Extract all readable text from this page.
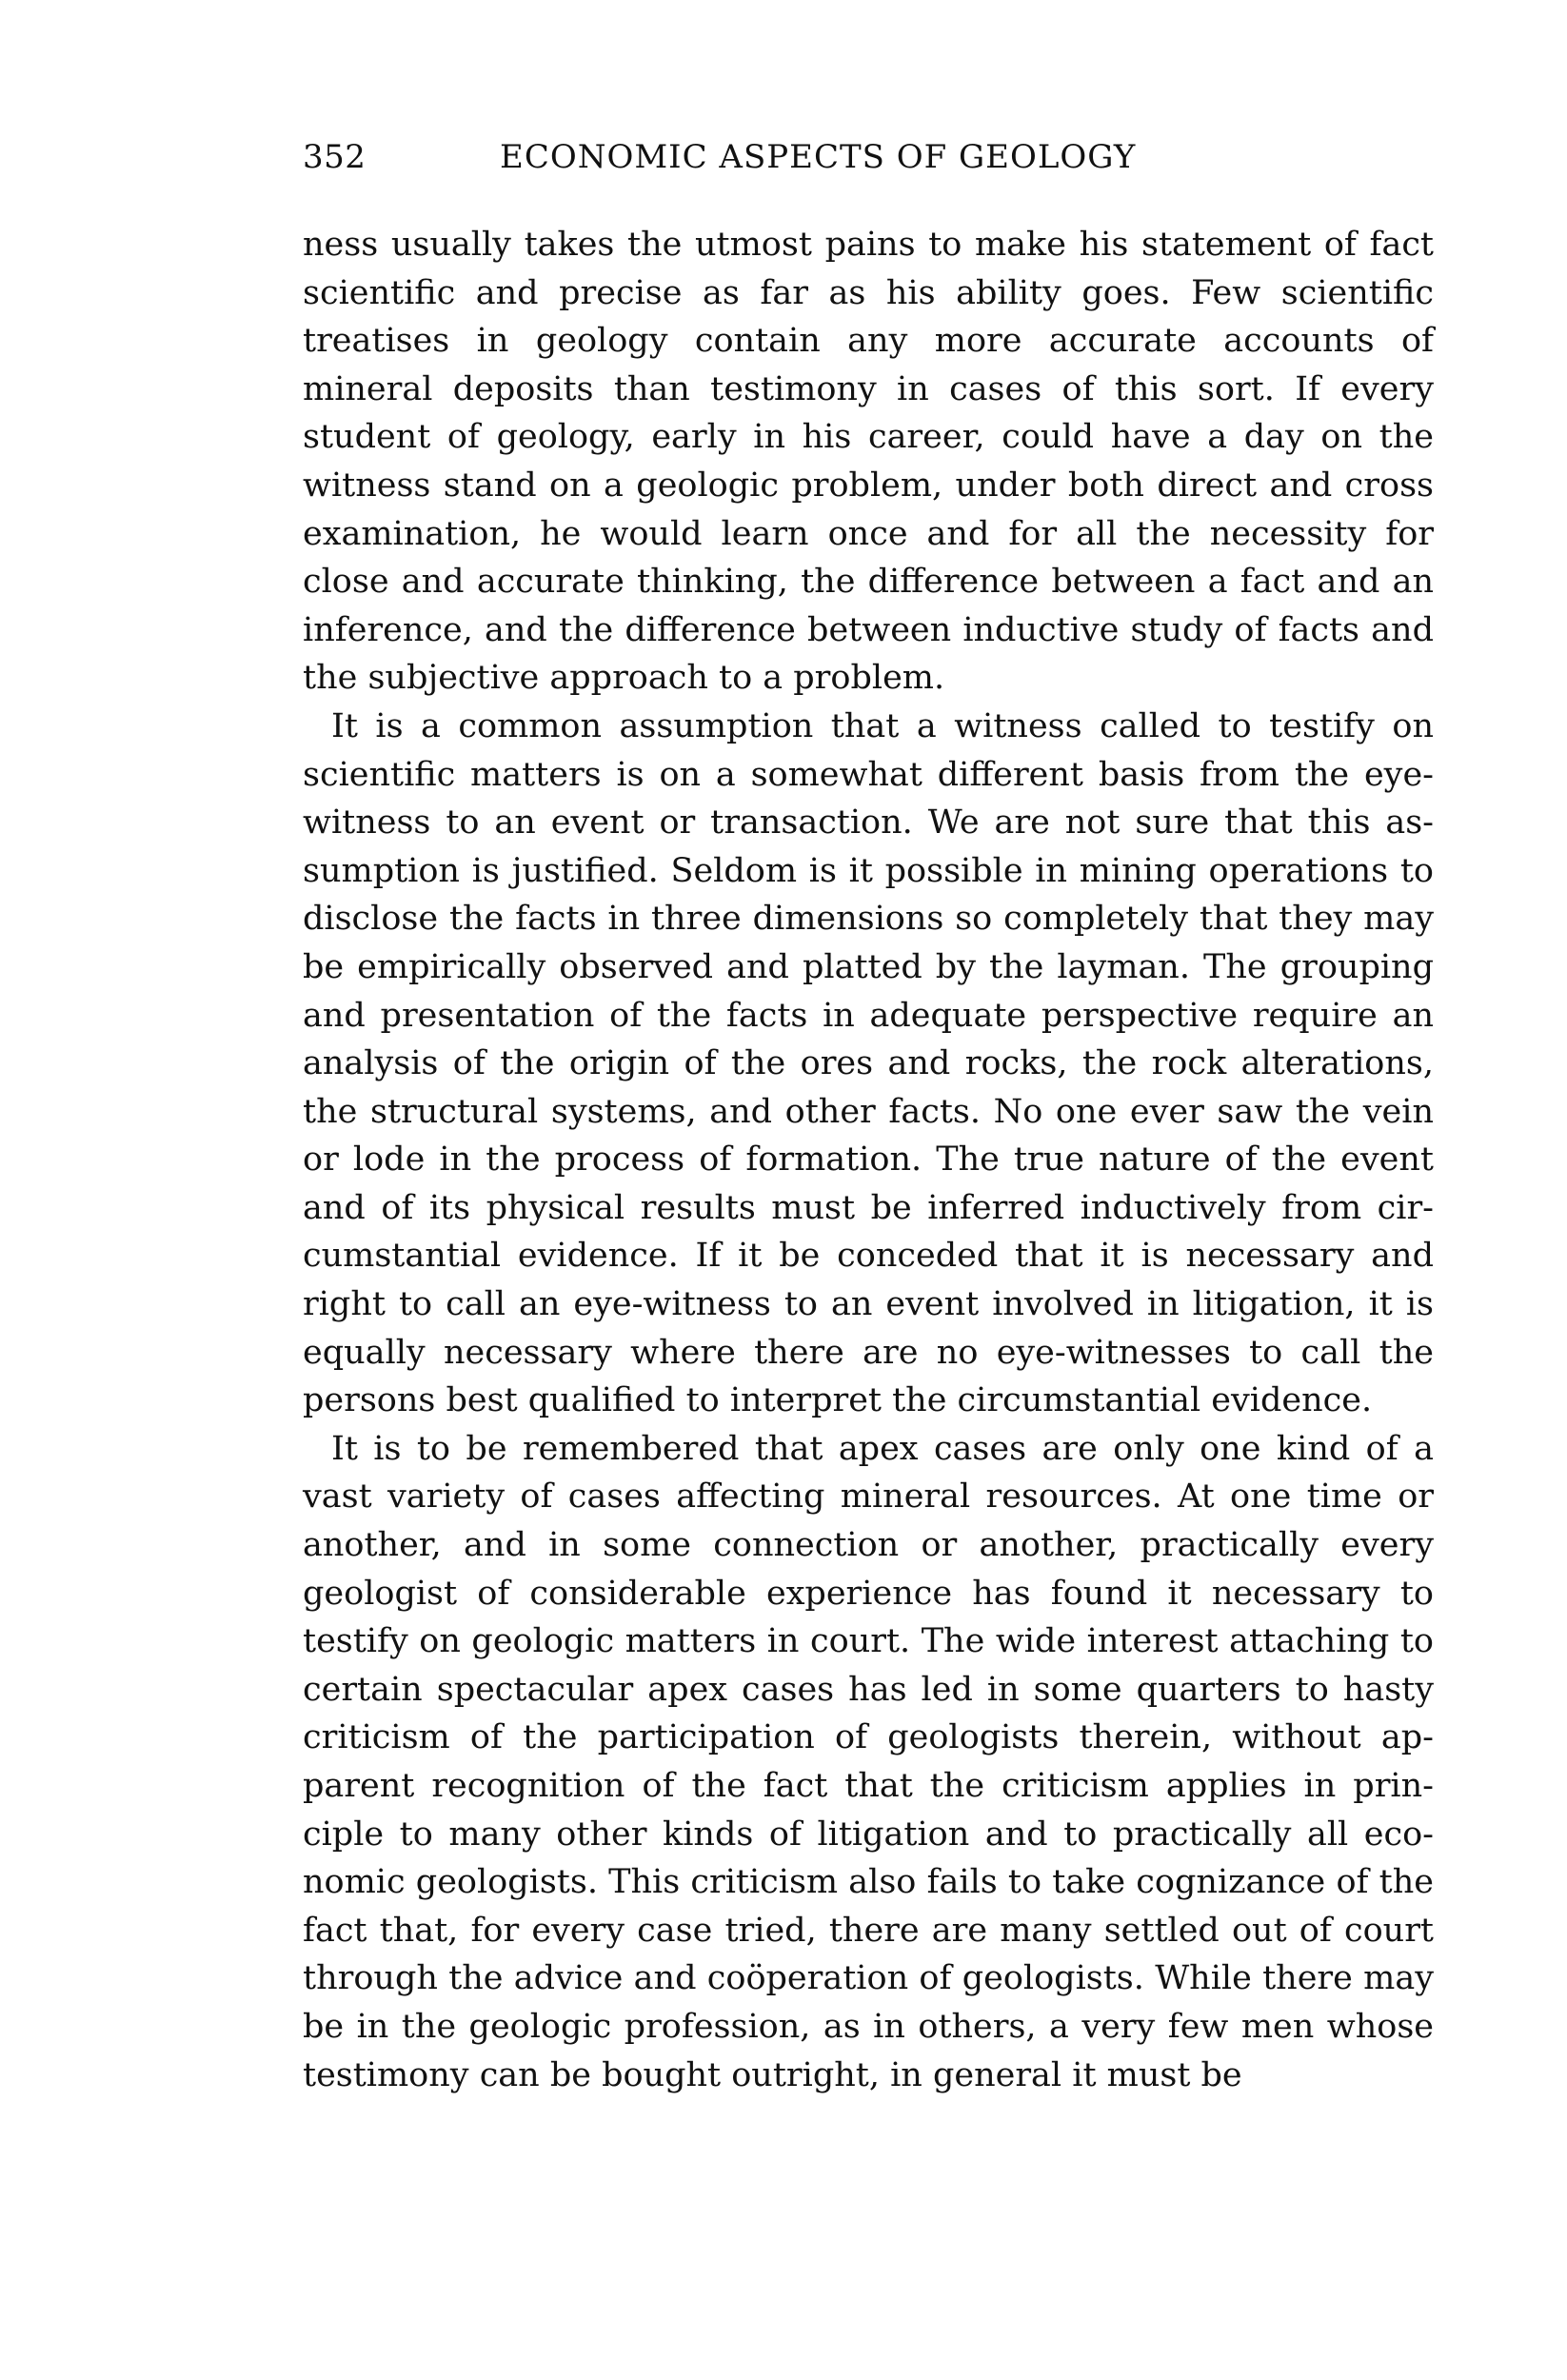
352	ECONOMIC ASPECTS OF GEOLOGY

ness usually takes the utmost pains to make his statement of fact scientific and precise as far as his ability goes. Few scientific treatises in geology contain any more accurate accounts of mineral deposits than testimony in cases of this sort. If every student of geology, early in his career, could have a day on the witness stand on a geologic problem, under both direct and cross examination, he would learn once and for all the necessity for close and accurate thinking, the difference between a fact and an inference, and the difference between inductive study of facts and the subjective approach to a problem.

It is a common assumption that a witness called to testify on scientific matters is on a somewhat different basis from the eye-witness to an event or transaction. We are not sure that this assumption is justified. Seldom is it possible in mining operations to disclose the facts in three dimensions so completely that they may be empirically observed and platted by the layman. The grouping and presentation of the facts in adequate perspective require an analysis of the origin of the ores and rocks, the rock alterations, the structural systems, and other facts. No one ever saw the vein or lode in the process of formation. The true nature of the event and of its physical results must be inferred inductively from circumstantial evidence. If it be conceded that it is necessary and right to call an eye-witness to an event involved in litigation, it is equally necessary where there are no eye-witnesses to call the persons best qualified to interpret the circumstantial evidence.

It is to be remembered that apex cases are only one kind of a vast variety of cases affecting mineral resources. At one time or another, and in some connection or another, practically every geologist of considerable experience has found it necessary to testify on geologic matters in court. The wide interest attaching to certain spectacular apex cases has led in some quarters to hasty criticism of the participation of geologists therein, without apparent recognition of the fact that the criticism applies in principle to many other kinds of litigation and to practically all economic geologists. This criticism also fails to take cognizance of the fact that, for every case tried, there are many settled out of court through the advice and coöperation of geologists. While there may be in the geologic profession, as in others, a very few men whose testimony can be bought outright, in general it must be
